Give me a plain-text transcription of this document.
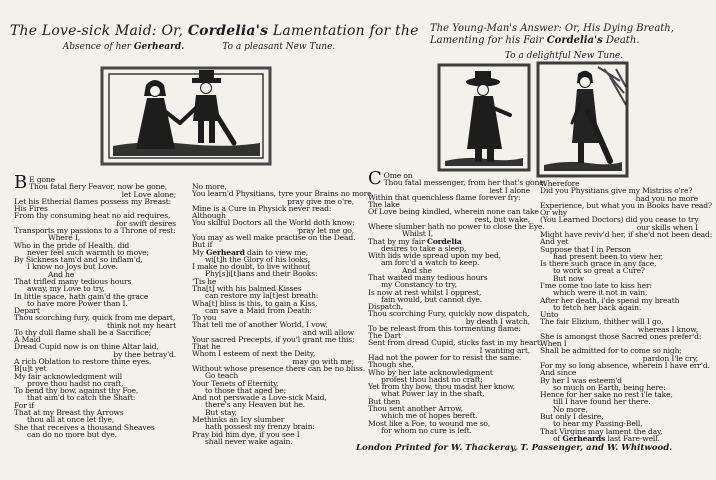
The Love-sick Maid: Or, Cordelia's Lamentation for the
Absence of her Gerheard.	To a pleasant New Tune.
The Young-Man's Answer: Or, His Dying Breath,
Lamenting for his Fair Cordelia's Death.
To a delightful New Tune.
B E gone
Thou fatal fiery Feavor, now be gone,
let Love alone;
Let his Etherial flames possess my Breast:
His Fires
From thy consuming heat no aid requires,
for swift desires
Transports my passions to a Throne of rest:
Where I,
Who in the pride of Health, did
never feel such warmth to move;
By Sickness tam'd and so inflam'd,
I know no Joys but Love.
And he
That trifled many tedious hours
away, my Love to try,
In little space, hath gain'd the grace
to have more Power than I.
Depart
Thou scorching fury, quick from me depart,
think not my heart
To thy dull flame shall be a Sacrifice;
A Maid
Dread Cupid now is on thine Altar laid,
by thee betray'd.
A rich Oblation to restore thine eyes.
B[u]t yet
My fair acknowledgment will
prove thou hadst no craft,
To bend thy bow, against thy Foe,
that aim'd to catch the Shaft:
For if
That at my Breast thy Arrows
thou all at once let flye,
She that receives a thousand Sheaves
can do no more but dye.
No more,
You learn'd Physitians, tyre your Brains no more,
pray give me o're,
Mine is a Cure in Physick never read:
Although
You skilful Doctors all the World doth know;
pray let me go,
You may as well make practise on the Dead.
But if
My Gerheard dain to view me,
wi[t]h the Glory of his looks,
I make no doubt, to live without
Phy[s]i[t]ians and their Books:
'Tis he
Tha[t] with his balmed Kisses
can restore my la[t]est breath:
Wha[t] bliss is this, to gain a Kiss,
can save a Maid from Death:
To you
That tell me of another World, I vow,
and will allow
Your sacred Precepts, if you'l grant me this;
That he
Whom I esteem of next the Deity,
may go with me;
Without whose presence there can be no bliss.
Go teach
Your Tenets of Eternity,
to those that aged be;
And not perswade a Love-sick Maid,
there's any Heaven but he.
But stay,
Methinks an Icy slumber
hath possest my frenzy brain:
Pray bid him dye, if you see I
shall never wake again.
C Ome on
Thou fatal messenger, from her that's gone,
lest I alone
Within that quenchless flame forever fry:
The lake
Of Love being kindled, wherein none can take
rest, but wake,
Where slumber hath no power to close the Eye.
Whilst I,
That by my fair Cordelia
desires to take a sleep,
With lids wide spread upon my bed,
am forc'd a watch to keep.
And she
That waited many tedious hours
my Constancy to try,
Is now at rest whilst I opprest,
fain would, but cannot dye.
Dispatch,
Thou scorching Fury, quickly now dispatch,
by death I watch,
To be releast from this tormenting flame:
The Dart
Sent from dread Cupid, sticks fast in my heart,
I wanting art,
Had not the power for to resist the same.
Though she,
Who by her late acknowledgment
profest thou hadst no craft;
Yet from thy bow, thou madst her know,
what Power lay in the shaft,
But then
Thou sent another Arrow,
which me of hopes bereft.
Most like a Foe, to wound me so,
for whom no cure is left.
Wherefore
Did you Physitians give my Mistriss o're?
had you no more
Experience, but what you in Books have read?
Or why
(You Learned Doctors) did you cease to try
our skills when I
Might have reviv'd her, if she'd not been dead:
And yet
Suppose that I in Person
had present been to view her,
Is there such grace in any face,
to work so great a Cure?
But now
I'me come too late to kiss her:
which were it not in vain,
After her death, i'de spend my breath
to fetch her back again.
Unto
The fair Elizium, thither will I go,
whereas I know,
She is amongst those Sacred ones prefer'd:
When I
Shall be admitted for to come so nigh;
pardon I'le cry,
For my so long absence, wherein I have err'd.
And since
By her I was esteem'd
so much on Earth, being here:
Hence for her sake no rest i'le take,
till I have found her there.
No more,
But only I desire,
to hear my Passing-Bell,
That Virgins may lament the day,
of Gerheards last Fare-well.
London Printed for W. Thackeray, T. Passenger, and W. Whitwood.
